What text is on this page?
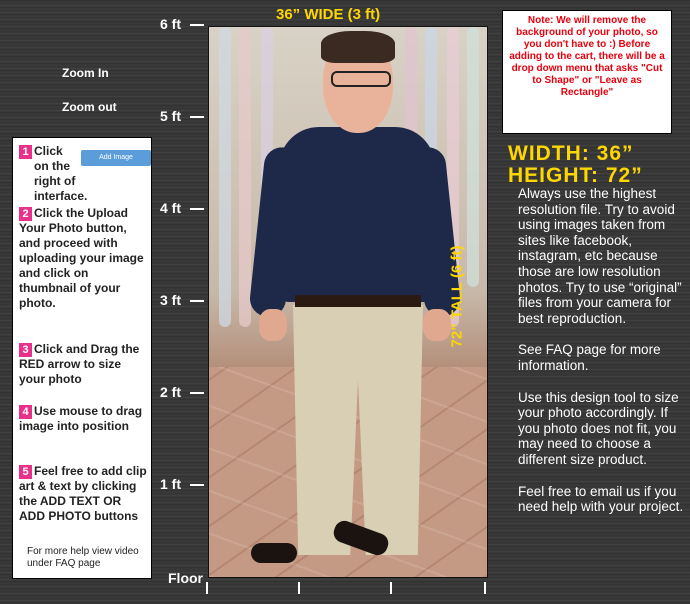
6 ft
5 ft
4 ft
3 ft
2 ft
1 ft
Floor
Zoom In
Zoom out
36” WIDE (3 ft)
72” TALL (6 ft)
1 Click on the right of interface.
Add Image
2 Click the Upload Your Photo button, and proceed with uploading your image and click on thumbnail of your photo.
3 Click and Drag the RED arrow to size your photo
4 Use mouse to drag image into position
5 Feel free to add clip art & text by clicking the ADD TEXT OR ADD PHOTO buttons
For more help view video under FAQ page
Note: We will remove the background of your photo, so you don't have to :) Before adding to the cart, there will be a drop down menu that asks "Cut to Shape" or "Leave as Rectangle"
WIDTH: 36”
HEIGHT: 72”

Always use the highest resolution file. Try to avoid using images taken from sites like facebook, instagram, etc because those are low resolution photos. Try to use “original” files from your camera for best reproduction.

See FAQ page for more information.

Use this design tool to size your photo accordingly. If you photo does not fit, you may need to choose a different size product.

Feel free to email us if you need help with your project.
